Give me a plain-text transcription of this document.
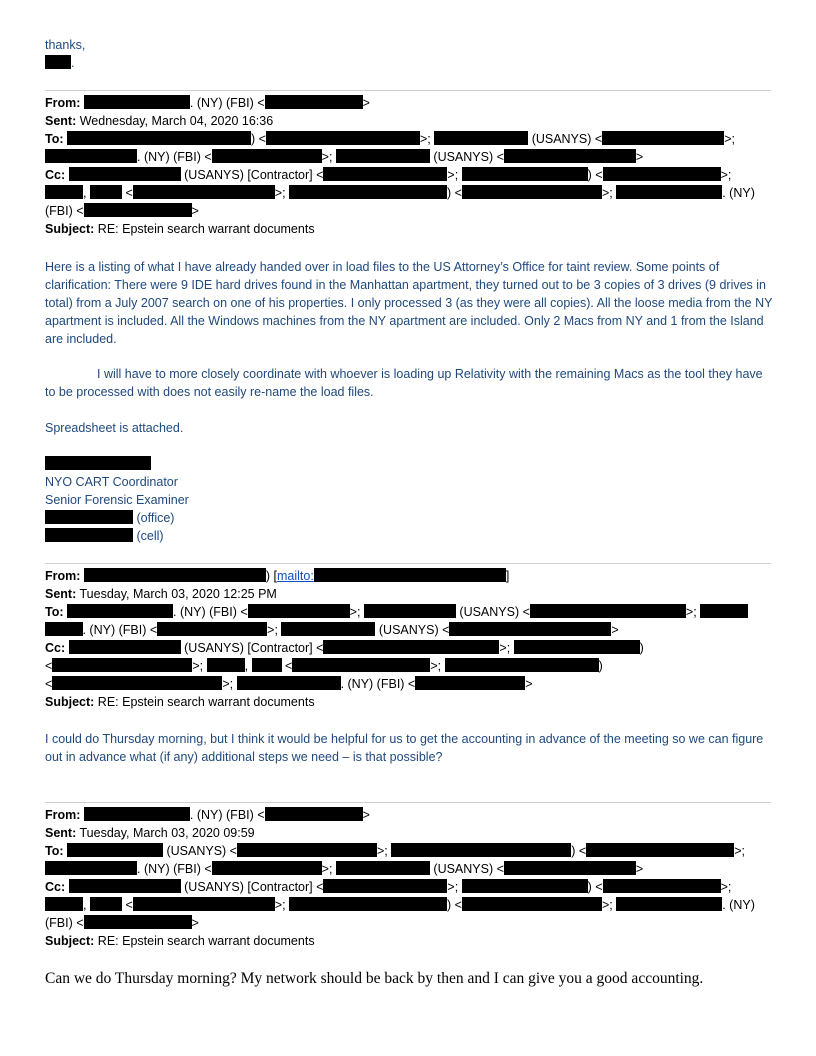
thanks,
.
From:	. (NY) (FBI) <	>
Sent: Wednesday, March 04, 2020 16:36
To:	) <	>;	(USANYS) <	>;
. (NY) (FBI) <	>;	(USANYS) <	>
Cc:	(USANYS) [Contractor] <	>;	) <	>;
,	<	>;	) <	>;	. (NY)
(FBI) <	>
Subject: RE: Epstein search warrant documents
Here is a listing of what I have already handed over in load files to the US Attorney’s Office for taint review. Some points of clarification: There were 9 IDE hard drives found in the Manhattan apartment, they turned out to be 3 copies of 3 drives (9 drives in total) from a July 2007 search on one of his properties. I only processed 3 (as they were all copies). All the loose media from the NY apartment is included. All the Windows machines from the NY apartment are included. Only 2 Macs from NY and 1 from the Island are included.
I will have to more closely coordinate with whoever is loading up Relativity with the remaining Macs as the tool they have to be processed with does not easily re-name the load files.
Spreadsheet is attached.
NYO CART Coordinator
Senior Forensic Examiner
(office)
(cell)
From:	) [mailto:	]
Sent: Tuesday, March 03, 2020 12:25 PM
To:	. (NY) (FBI) <	>;	(USANYS) <	>;
. (NY) (FBI) <	>;	(USANYS) <	>
Cc:	(USANYS) [Contractor] <	>;	)
<	>;	,	<	>;	)
<	>;	. (NY) (FBI) <	>
Subject: RE: Epstein search warrant documents
I could do Thursday morning, but I think it would be helpful for us to get the accounting in advance of the meeting so we can figure out in advance what (if any) additional steps we need – is that possible?
From:	. (NY) (FBI) <	>
Sent: Tuesday, March 03, 2020 09:59
To:	(USANYS) <	>;	) <	>;
. (NY) (FBI) <	>;	(USANYS) <	>
Cc:	(USANYS) [Contractor] <	>;	) <	>;
,	<	>;	) <	>;	. (NY)
(FBI) <	>
Subject: RE: Epstein search warrant documents
Can we do Thursday morning? My network should be back by then and I can give you a good accounting.
